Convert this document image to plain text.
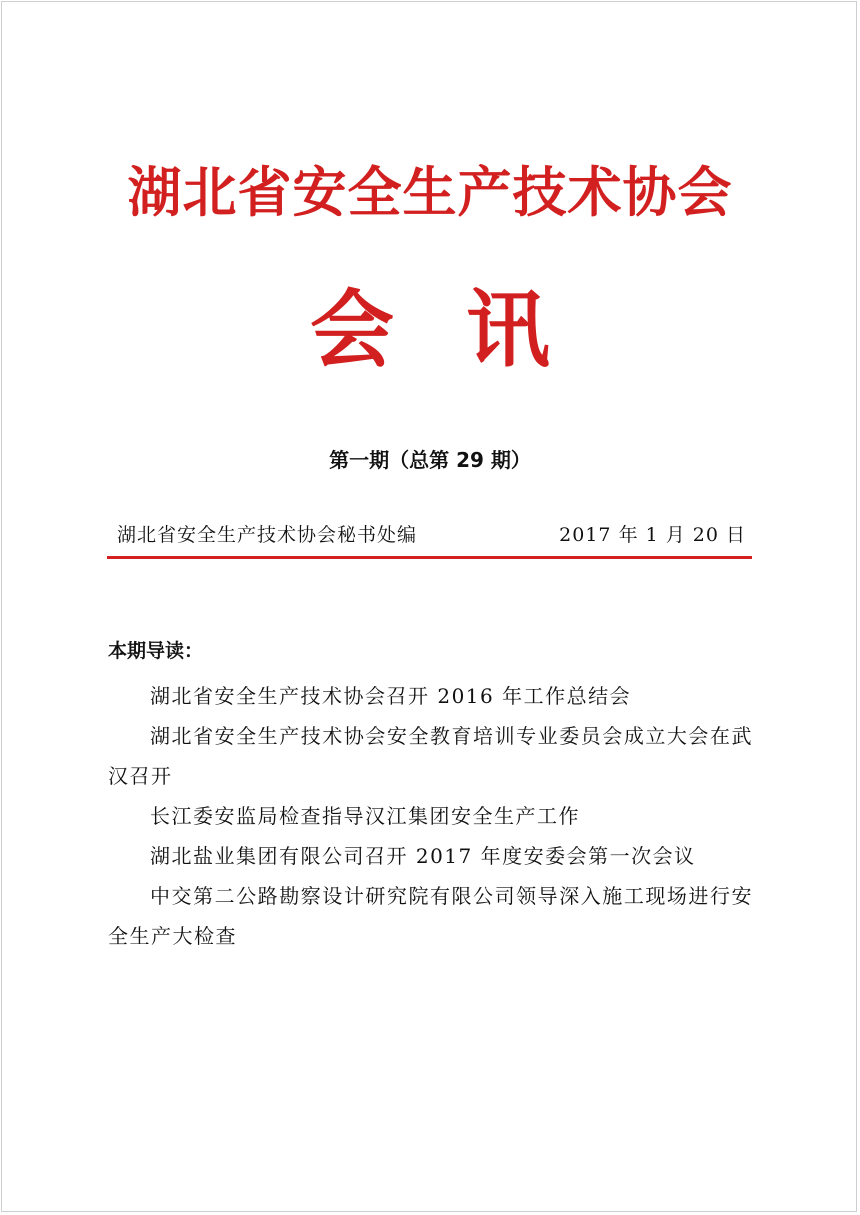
湖北省安全生产技术协会
会讯
第一期（总第 29 期）
湖北省安全生产技术协会秘书处编	2017 年 1 月 20 日
本期导读：
湖北省安全生产技术协会召开 2016 年工作总结会
湖北省安全生产技术协会安全教育培训专业委员会成立大会在武汉召开
长江委安监局检查指导汉江集团安全生产工作
湖北盐业集团有限公司召开 2017 年度安委会第一次会议
中交第二公路勘察设计研究院有限公司领导深入施工现场进行安全生产大检查
